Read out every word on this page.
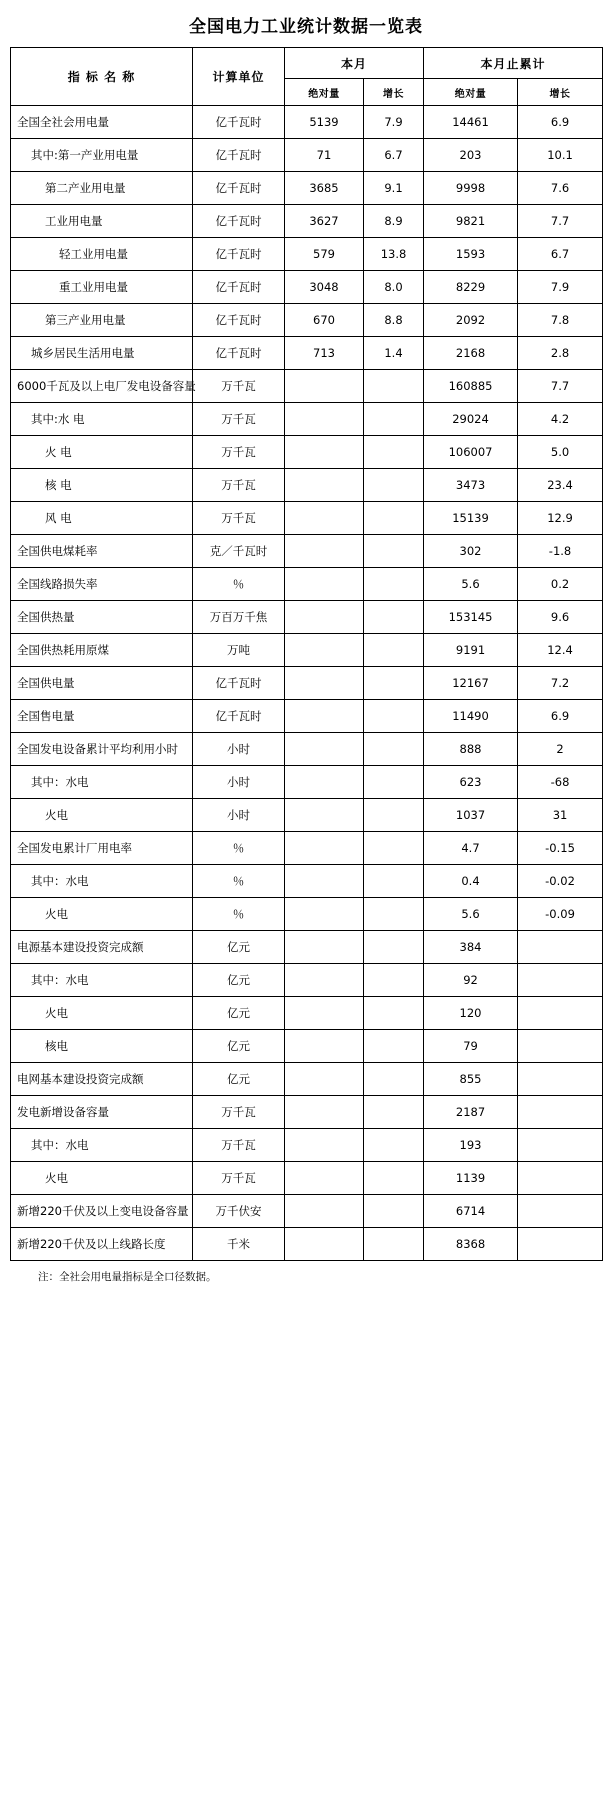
全国电力工业统计数据一览表
指 标 名 称	计算单位	本月		本月止累计	
		绝对量	增长	绝对量	增长
全国全社会用电量	亿千瓦时	5139	7.9	14461	6.9
其中:第一产业用电量	亿千瓦时	71	6.7	203	10.1
第二产业用电量	亿千瓦时	3685	9.1	9998	7.6
工业用电量	亿千瓦时	3627	8.9	9821	7.7
轻工业用电量	亿千瓦时	579	13.8	1593	6.7
重工业用电量	亿千瓦时	3048	8.0	8229	7.9
第三产业用电量	亿千瓦时	670	8.8	2092	7.8
城乡居民生活用电量	亿千瓦时	713	1.4	2168	2.8
6000千瓦及以上电厂发电设备容量	万千瓦			160885	7.7
其中:水 电	万千瓦			29024	4.2
火 电	万千瓦			106007	5.0
核 电	万千瓦			3473	23.4
风 电	万千瓦			15139	12.9
全国供电煤耗率	克／千瓦时			302	-1.8
全国线路损失率	％			5.6	0.2
全国供热量	万百万千焦			153145	9.6
全国供热耗用原煤	万吨			9191	12.4
全国供电量	亿千瓦时			12167	7.2
全国售电量	亿千瓦时			11490	6.9
全国发电设备累计平均利用小时	小时			888	2
其中：水电	小时			623	-68
火电	小时			1037	31
全国发电累计厂用电率	％			4.7	-0.15
其中：水电	％			0.4	-0.02
火电	％			5.6	-0.09
电源基本建设投资完成额	亿元			384	
其中：水电	亿元			92	
火电	亿元			120	
核电	亿元			79	
电网基本建设投资完成额	亿元			855	
发电新增设备容量	万千瓦			2187	
其中：水电	万千瓦			193	
火电	万千瓦			1139	
新增220千伏及以上变电设备容量	万千伏安			6714	
新增220千伏及以上线路长度	千米			8368	
注：全社会用电量指标是全口径数据。
